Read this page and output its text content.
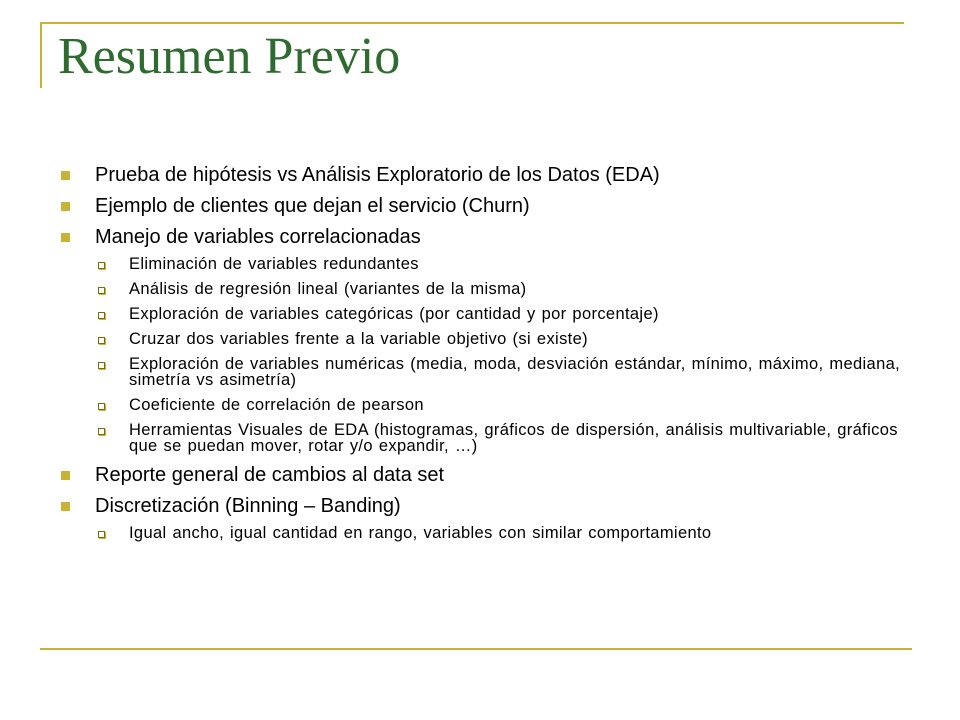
Resumen Previo
Prueba de hipótesis vs Análisis Exploratorio de los Datos (EDA)
Ejemplo de clientes que dejan el servicio (Churn)
Manejo de variables correlacionadas
Eliminación de variables redundantes
Análisis de regresión lineal (variantes de la misma)
Exploración de variables categóricas (por cantidad y por porcentaje)
Cruzar dos variables frente a la variable objetivo (si existe)
Exploración de variables numéricas (media, moda, desviación estándar, mínimo, máximo, mediana, simetría vs asimetría)
Coeficiente de correlación de pearson
Herramientas Visuales de EDA (histogramas, gráficos de dispersión, análisis multivariable, gráficos que se puedan mover, rotar y/o expandir, …)
Reporte general de cambios al data set
Discretización (Binning – Banding)
Igual ancho, igual cantidad en rango, variables con similar comportamiento
